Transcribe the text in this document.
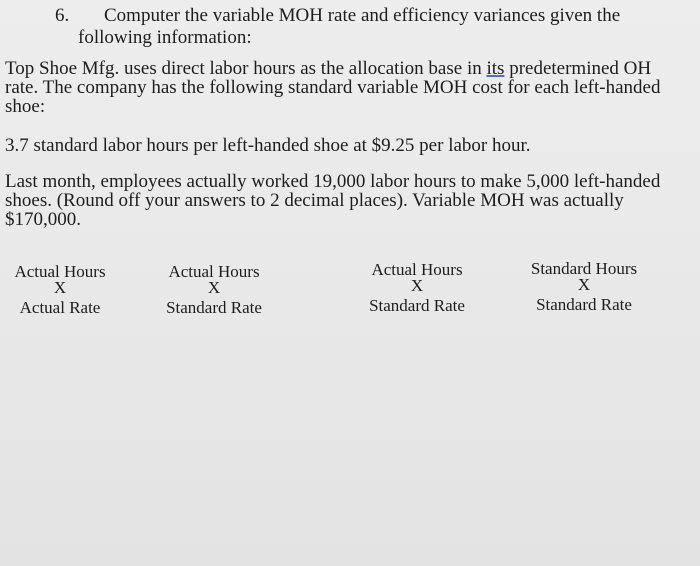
6.	Computer the variable MOH rate and efficiency variances given the following information:
Top Shoe Mfg. uses direct labor hours as the allocation base in its predetermined OH rate. The company has the following standard variable MOH cost for each left-handed shoe:
3.7 standard labor hours per left-handed shoe at $9.25 per labor hour.
Last month, employees actually worked 19,000 labor hours to make 5,000 left-handed shoes. (Round off your answers to 2 decimal places). Variable MOH was actually $170,000.
Actual Hours
X
Actual Rate
Actual Hours
X
Standard Rate
Actual Hours
X
Standard Rate
Standard Hours
X
Standard Rate
